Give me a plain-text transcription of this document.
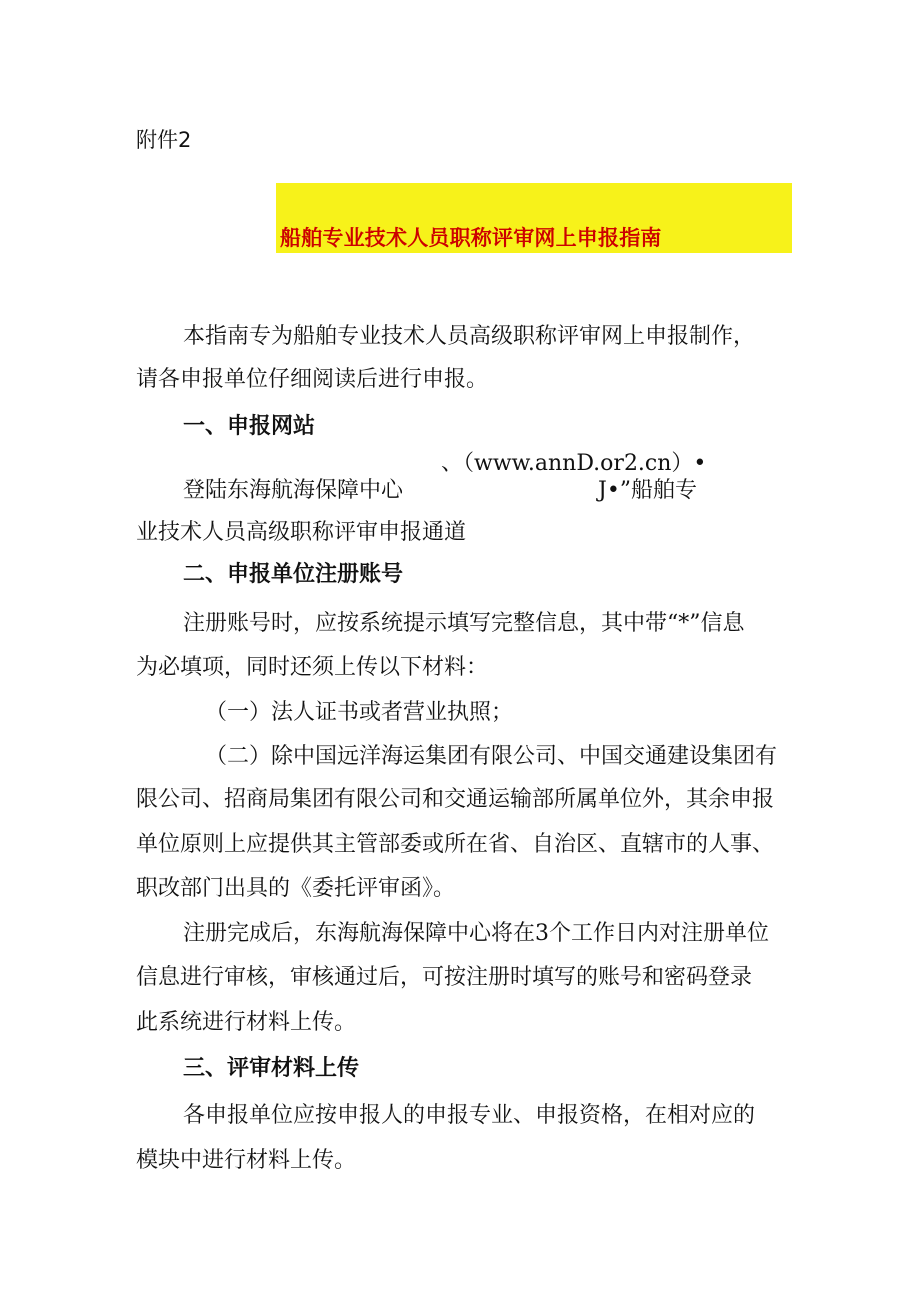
附件2
船舶专业技术人员职称评审网上申报指南

本指南专为船舶专业技术人员高级职称评审网上申报制作，

请各申报单位仔细阅读后进行申报。

一、申报网站

、（www.annD.or2.cn）•

登陆东海航海保障中心	J•”船舶专

业技术人员高级职称评审申报通道

二、申报单位注册账号

注册账号时，应按系统提示填写完整信息，其中带“*”信息

为必填项，同时还须上传以下材料：

（一）法人证书或者营业执照；

（二）除中国远洋海运集团有限公司、中国交通建设集团有

限公司、招商局集团有限公司和交通运输部所属单位外，其余申报

单位原则上应提供其主管部委或所在省、自治区、直辖市的人事、

职改部门出具的《委托评审函》。

注册完成后，东海航海保障中心将在3个工作日内对注册单位

信息进行审核，审核通过后，可按注册时填写的账号和密码登录

此系统进行材料上传。

三、评审材料上传

各申报单位应按申报人的申报专业、申报资格，在相对应的

模块中进行材料上传。
